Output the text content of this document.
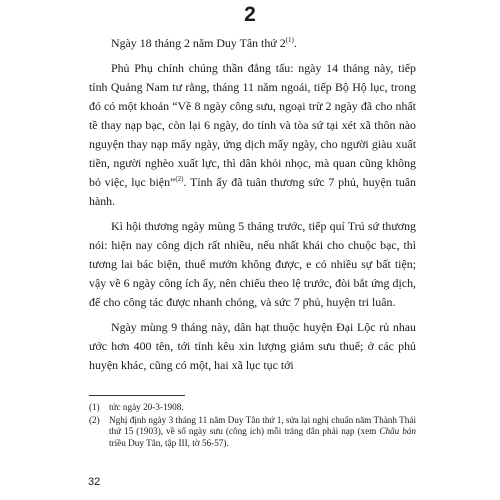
2

Ngày 18 tháng 2 năm Duy Tân thứ 2$^{(1)}$.

Phủ Phụ chính chúng thần đẳng tấu: ngày 14 tháng này, tiếp tỉnh Quảng Nam tư rằng, tháng 11 năm ngoái, tiếp Bộ Hộ lục, trong đó có một khoản “Về 8 ngày công sưu, ngoại trừ 2 ngày đã cho nhất tề thay nạp bạc, còn lại 6 ngày, do tỉnh và tòa sứ tại xét xã thôn nào nguyện thay nạp mấy ngày, ứng dịch mấy ngày, cho người giàu xuất tiền, người nghèo xuất lực, thì dân khỏi nhọc, mà quan cũng không bỏ việc, lục biện”$^{(2)}$. Tỉnh ấy đã tuân thương sức 7 phủ, huyện tuân hành.

Kì hội thương ngày mùng 5 tháng trước, tiếp quí Trú sứ thương nói: hiện nay công dịch rất nhiều, nếu nhất khái cho chuộc bạc, thì tương lai bác biện, thuế mướn không được, e có nhiều sự bất tiện; vậy về 6 ngày công ích ấy, nên chiếu theo lệ trước, đòi bắt ứng dịch, để cho công tác được nhanh chóng, và sức 7 phủ, huyện tri luân.

Ngày mùng 9 tháng này, dân hạt thuộc huyện Đại Lộc rủ nhau ước hơn 400 tên, tới tỉnh kêu xin lượng giảm sưu thuế; ở các phủ huyện khác, cũng có một, hai xã lục tục tới

(1)	tức ngày 20-3-1908.
(2)	Nghị định ngày 3 tháng 11 năm Duy Tân thứ 1, sửa lại nghị chuẩn năm Thành Thái thứ 15 (1903), về số ngày sưu (công ích) mỗi tráng dân phải nạp (xem Châu bản triều Duy Tân, tập III, tờ 56-57).
32
